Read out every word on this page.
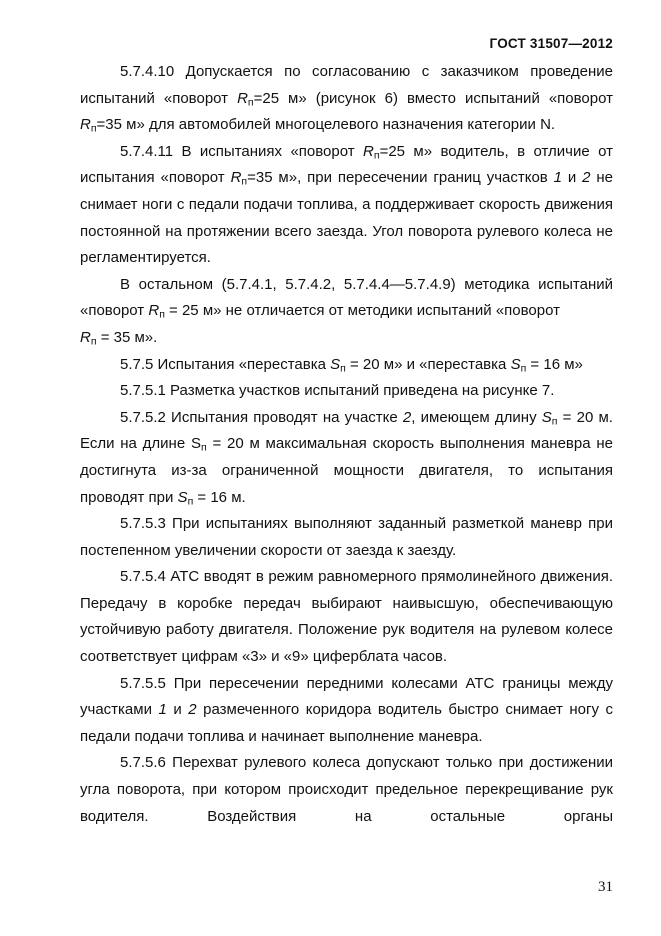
ГОСТ 31507—2012

5.7.4.10 Допускается по согласованию с заказчиком проведение испытаний «поворот $R_п=25$ м» (рисунок 6) вместо испытаний «поворот $R_п=35$ м» для автомобилей многоцелевого назначения категории N.

5.7.4.11 В испытаниях «поворот $R_п=25$ м» водитель, в отличие от испытания «поворот $R_п=35$ м», при пересечении границ участков 1 и 2 не снимает ноги с педали подачи топлива, а поддерживает скорость движения постоянной на протяжении всего заезда. Угол поворота рулевого колеса не регламентируется.

В остальном (5.7.4.1, 5.7.4.2, 5.7.4.4—5.7.4.9) методика испытаний «поворот $R_п = 25$ м» не отличается от методики испытаний «поворот
$R_п = 35$ м».

5.7.5 Испытания «переставка $S_п = 20$ м» и «переставка $S_п = 16$ м»

5.7.5.1 Разметка участков испытаний приведена на рисунке 7.

5.7.5.2 Испытания проводят на участке 2, имеющем длину $S_п = 20$ м. Если на длине $S_п = 20$ м максимальная скорость выполнения маневра не достигнута из-за ограниченной мощности двигателя, то испытания проводят при $S_п = 16$ м.

5.7.5.3 При испытаниях выполняют заданный разметкой маневр при постепенном увеличении скорости от заезда к заезду.

5.7.5.4 АТС вводят в режим равномерного прямолинейного движения. Передачу в коробке передач выбирают наивысшую, обеспечивающую устойчивую работу двигателя. Положение рук водителя на рулевом колесе соответствует цифрам «3» и «9» циферблата часов.

5.7.5.5 При пересечении передними колесами АТС границы между участками 1 и 2 размеченного коридора водитель быстро снимает ногу с педали подачи топлива и начинает выполнение маневра.

5.7.5.6 Перехват рулевого колеса допускают только при достижении угла поворота, при котором происходит предельное перекрещивание рук водителя. Воздействия на остальные органы

31
